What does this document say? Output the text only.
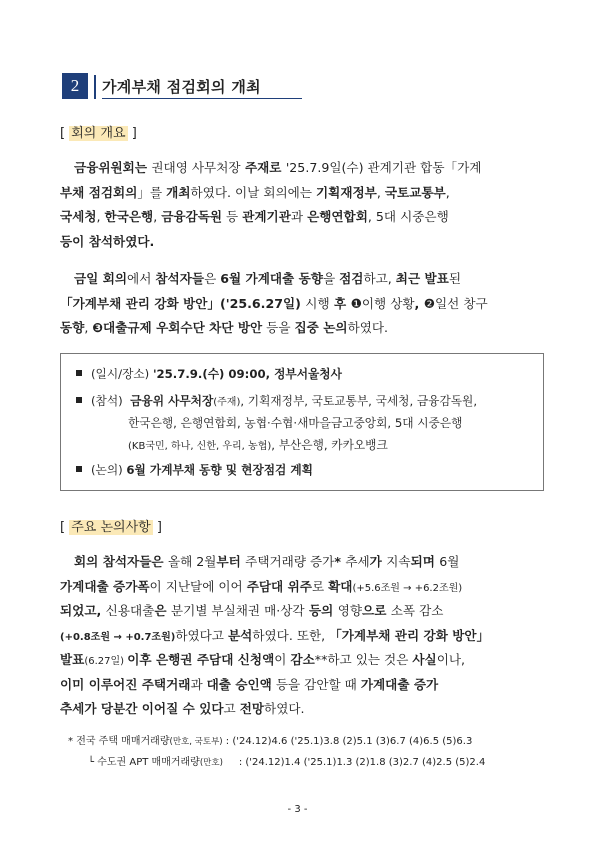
2	가계부채 점검회의 개최
[ 회의 개요 ]
금융위원회는 권대영 사무처장 주재로 '25.7.9일(수) 관계기관 합동「가계
부채 점검회의」를 개최하였다. 이날 회의에는 기획재정부, 국토교통부,
국세청, 한국은행, 금융감독원 등 관계기관과 은행연합회, 5대 시중은행
등이 참석하였다.
금일 회의에서 참석자들은 6월 가계대출 동향을 점검하고, 최근 발표된
「가계부채 관리 강화 방안」('25.6.27일) 시행 후 ❶이행 상황, ❷일선 창구
동향, ❸대출규제 우회수단 차단 방안 등을 집중 논의하였다.
(일시/장소) '25.7.9.(수) 09:00, 정부서울청사
(참석) 금융위 사무처장(주재), 기획재정부, 국토교통부, 국세청, 금융감독원,
한국은행, 은행연합회, 농협·수협·새마을금고중앙회, 5대 시중은행
(KB국민, 하나, 신한, 우리, 농협), 부산은행, 카카오뱅크
(논의) 6월 가계부채 동향 및 현장점검 계획
[ 주요 논의사항 ]
회의 참석자들은 올해 2월부터 주택거래량 증가* 추세가 지속되며 6월
가계대출 증가폭이 지난달에 이어 주담대 위주로 확대(+5.6조원 → +6.2조원)
되었고, 신용대출은 분기별 부실채권 매·상각 등의 영향으로 소폭 감소
(+0.8조원 → +0.7조원)하였다고 분석하였다. 또한, 「가계부채 관리 강화 방안」
발표(6.27일) 이후 은행권 주담대 신청액이 감소**하고 있는 것은 사실이나,
이미 이루어진 주택거래과 대출 승인액 등을 감안할 때 가계대출 증가
추세가 당분간 이어질 수 있다고 전망하였다.
* 전국 주택 매매거래량(만호, 국토부) : ('24.12)4.6 ('25.1)3.8 (2)5.1 (3)6.7 (4)6.5 (5)6.3
└ 수도권 APT 매매거래량(만호) : ('24.12)1.4 ('25.1)1.3 (2)1.8 (3)2.7 (4)2.5 (5)2.4
- 3 -
